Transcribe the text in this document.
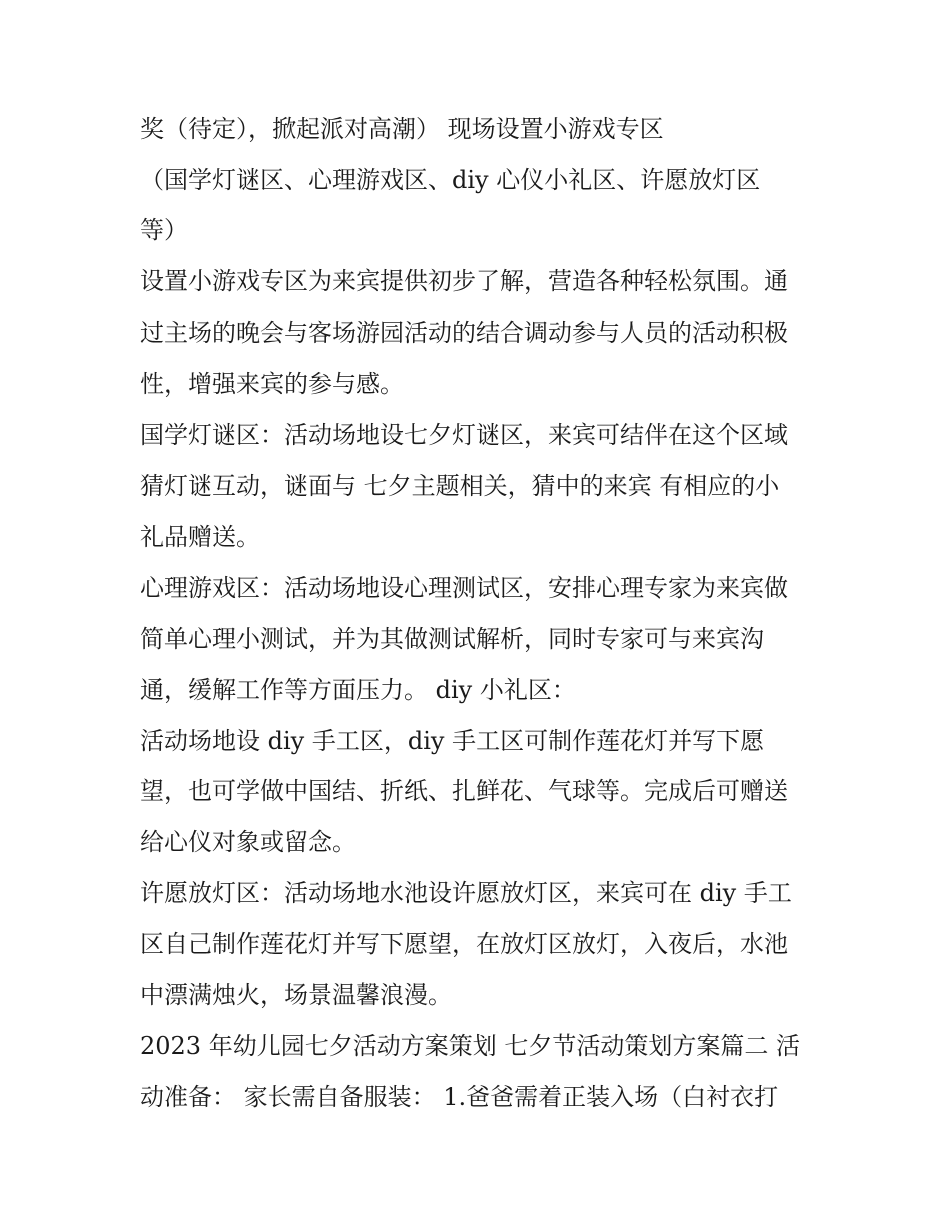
奖（待定），掀起派对高潮） 现场设置小游戏专区
（国学灯谜区、心理游戏区、diy 心仪小礼区、许愿放灯区
等）
设置小游戏专区为来宾提供初步了解，营造各种轻松氛围。通
过主场的晚会与客场游园活动的结合调动参与人员的活动积极
性，增强来宾的参与感。
国学灯谜区：活动场地设七夕灯谜区，来宾可结伴在这个区域
猜灯谜互动，谜面与 七夕主题相关，猜中的来宾 有相应的小
礼品赠送。
心理游戏区：活动场地设心理测试区，安排心理专家为来宾做
简单心理小测试，并为其做测试解析，同时专家可与来宾沟
通，缓解工作等方面压力。 diy 小礼区：
活动场地设 diy 手工区，diy 手工区可制作莲花灯并写下愿
望，也可学做中国结、折纸、扎鲜花、气球等。完成后可赠送
给心仪对象或留念。
许愿放灯区：活动场地水池设许愿放灯区，来宾可在 diy 手工
区自己制作莲花灯并写下愿望，在放灯区放灯，入夜后，水池
中漂满烛火，场景温馨浪漫。
2023 年幼儿园七夕活动方案策划 七夕节活动策划方案篇二 活
动准备： 家长需自备服装： 1.爸爸需着正装入场（白衬衣打
